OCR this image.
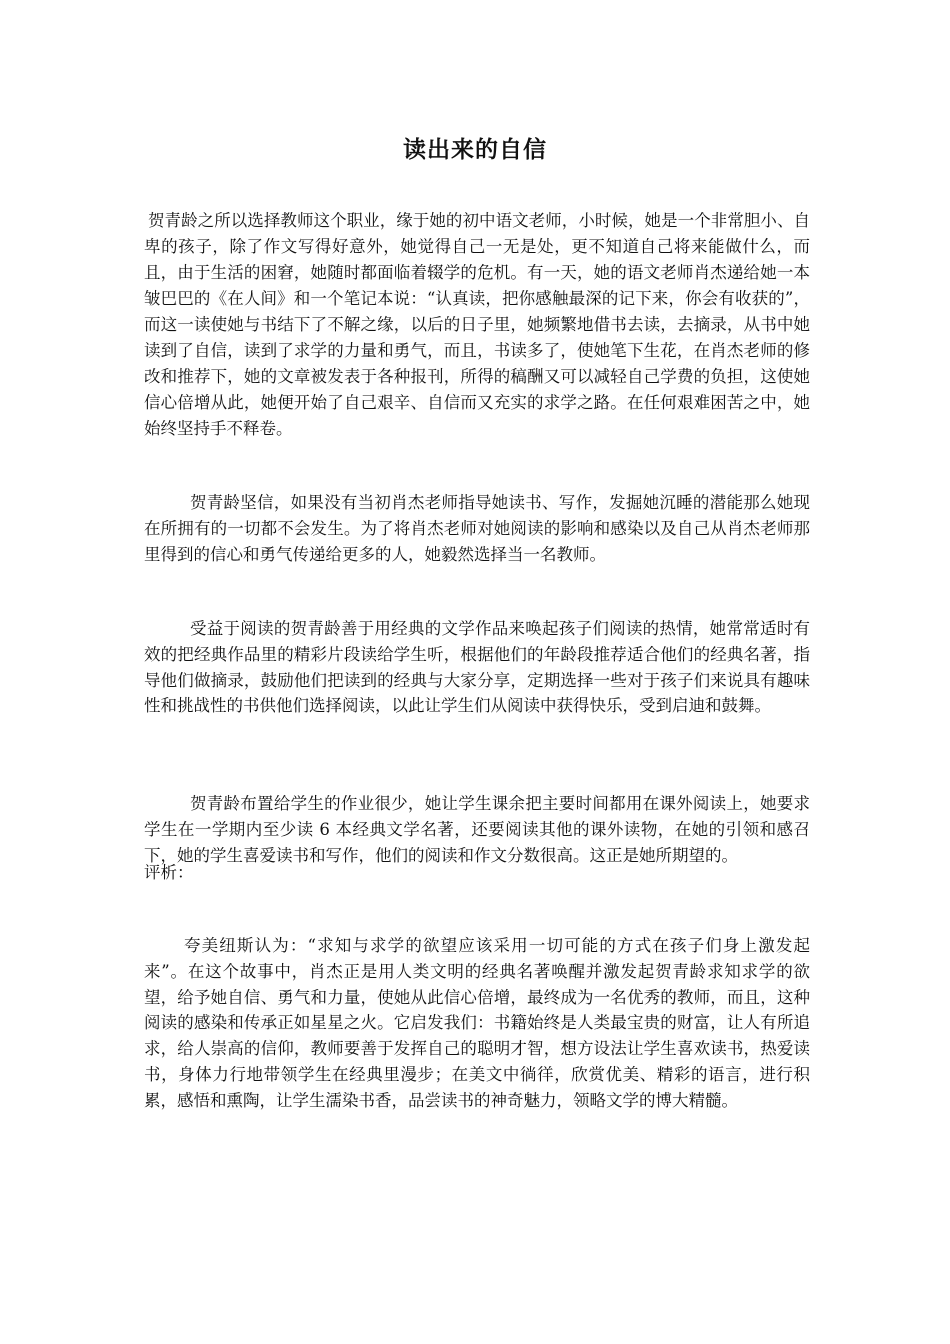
读出来的自信

贺青龄之所以选择教师这个职业，缘于她的初中语文老师，小时候，她是一个非常胆小、自卑的孩子，除了作文写得好意外，她觉得自己一无是处，更不知道自己将来能做什么，而且，由于生活的困窘，她随时都面临着辍学的危机。有一天，她的语文老师肖杰递给她一本皱巴巴的《在人间》和一个笔记本说：“认真读，把你感触最深的记下来，你会有收获的”，而这一读使她与书结下了不解之缘，以后的日子里，她频繁地借书去读，去摘录，从书中她读到了自信，读到了求学的力量和勇气，而且，书读多了，使她笔下生花，在肖杰老师的修改和推荐下，她的文章被发表于各种报刊，所得的稿酬又可以减轻自己学费的负担，这使她信心倍增从此，她便开始了自己艰辛、自信而又充实的求学之路。在任何艰难困苦之中，她始终坚持手不释卷。

贺青龄坚信，如果没有当初肖杰老师指导她读书、写作，发掘她沉睡的潜能那么她现在所拥有的一切都不会发生。为了将肖杰老师对她阅读的影响和感染以及自己从肖杰老师那里得到的信心和勇气传递给更多的人，她毅然选择当一名教师。

受益于阅读的贺青龄善于用经典的文学作品来唤起孩子们阅读的热情，她常常适时有效的把经典作品里的精彩片段读给学生听，根据他们的年龄段推荐适合他们的经典名著，指导他们做摘录，鼓励他们把读到的经典与大家分享，定期选择一些对于孩子们来说具有趣味性和挑战性的书供他们选择阅读，以此让学生们从阅读中获得快乐，受到启迪和鼓舞。

贺青龄布置给学生的作业很少，她让学生课余把主要时间都用在课外阅读上，她要求学生在一学期内至少读 6 本经典文学名著，还要阅读其他的课外读物，在她的引领和感召下，她的学生喜爱读书和写作，他们的阅读和作文分数很高。这正是她所期望的。

评析：

夸美纽斯认为：“求知与求学的欲望应该采用一切可能的方式在孩子们身上激发起来”。在这个故事中，肖杰正是用人类文明的经典名著唤醒并激发起贺青龄求知求学的欲望，给予她自信、勇气和力量，使她从此信心倍增，最终成为一名优秀的教师，而且，这种阅读的感染和传承正如星星之火。它启发我们：书籍始终是人类最宝贵的财富，让人有所追求，给人崇高的信仰，教师要善于发挥自己的聪明才智，想方设法让学生喜欢读书，热爱读书，身体力行地带领学生在经典里漫步；在美文中徜徉，欣赏优美、精彩的语言，进行积累，感悟和熏陶，让学生濡染书香，品尝读书的神奇魅力，领略文学的博大精髓。
